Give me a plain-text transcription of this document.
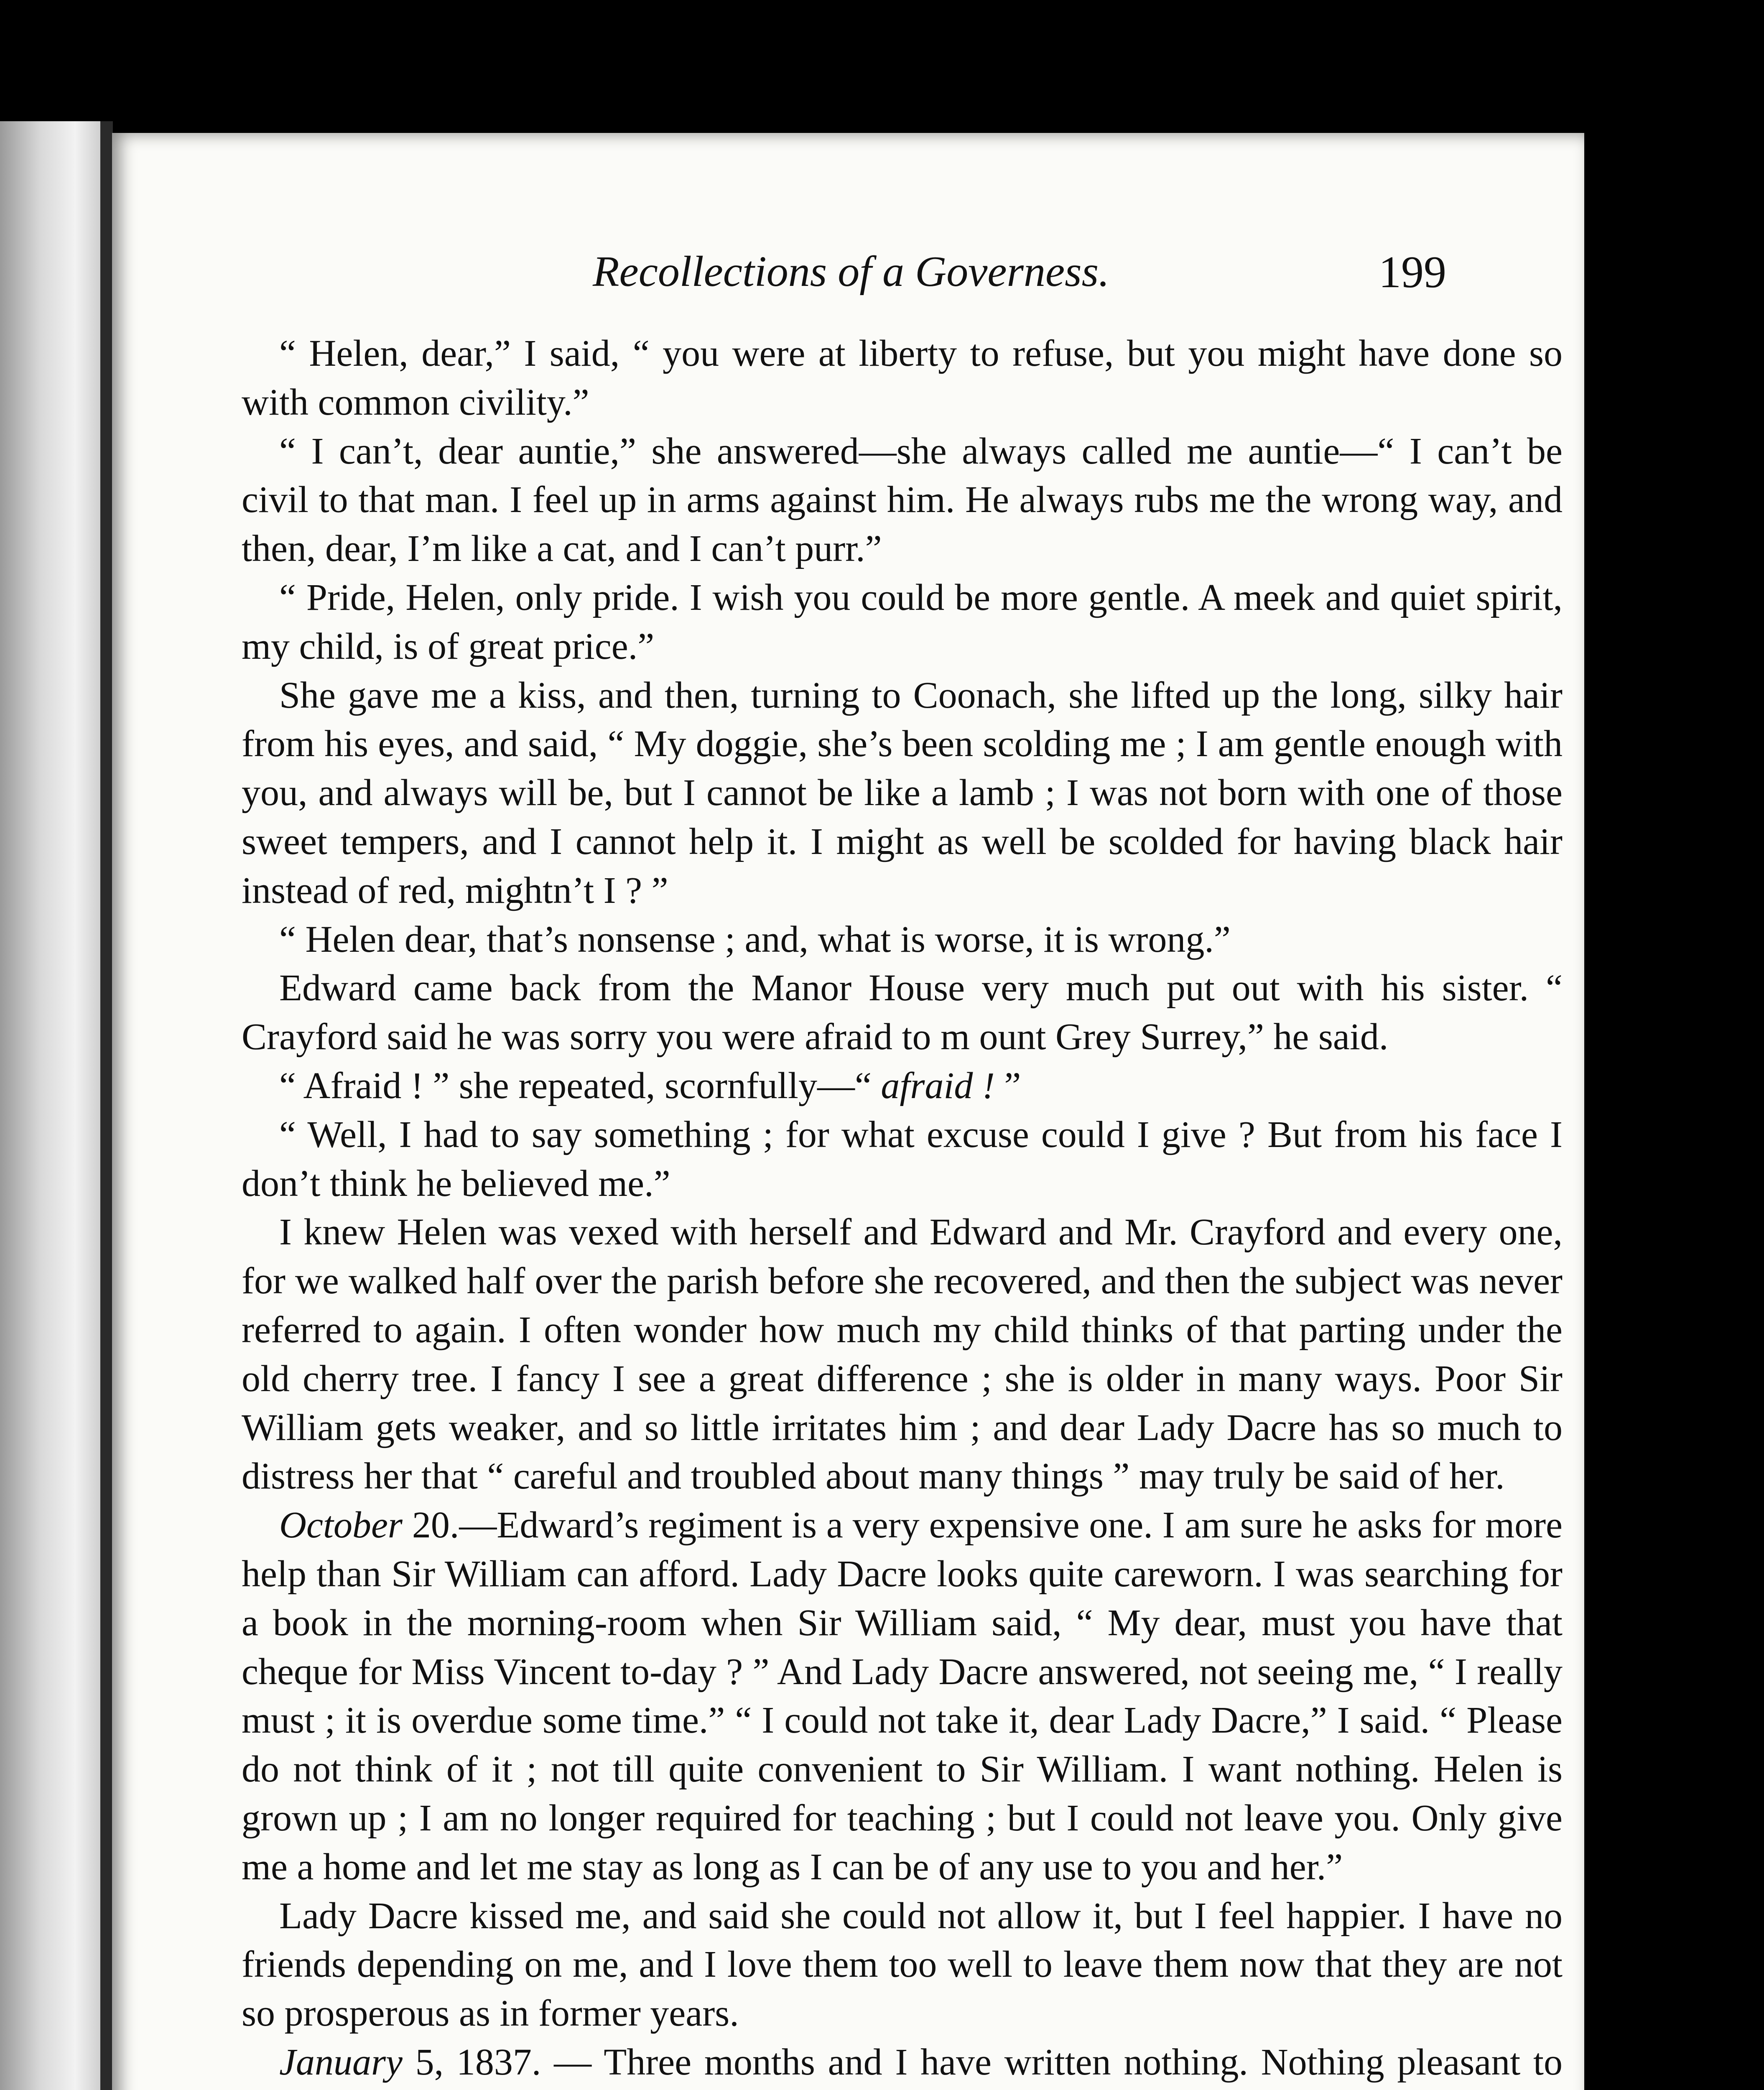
Recollections of a Governess.	199

“ Helen, dear,” I said, “ you were at liberty to refuse, but you might have done so with common civility.”

“ I can’t, dear auntie,” she answered—she always called me auntie—“ I can’t be civil to that man. I feel up in arms against him. He always rubs me the wrong way, and then, dear, I’m like a cat, and I can’t purr.”

“ Pride, Helen, only pride. I wish you could be more gentle. A meek and quiet spirit, my child, is of great price.”

She gave me a kiss, and then, turning to Coonach, she lifted up the long, silky hair from his eyes, and said, “ My doggie, she’s been scolding me ; I am gentle enough with you, and always will be, but I cannot be like a lamb ; I was not born with one of those sweet tempers, and I cannot help it. I might as well be scolded for having black hair instead of red, mightn’t I ? ”

“ Helen dear, that’s nonsense ; and, what is worse, it is wrong.”

Edward came back from the Manor House very much put out with his sister. “ Crayford said he was sorry you were afraid to m ount Grey Surrey,” he said.

“ Afraid ! ” she repeated, scornfully—“ afraid ! ”

“ Well, I had to say something ; for what excuse could I give ? But from his face I don’t think he believed me.”

I knew Helen was vexed with herself and Edward and Mr. Crayford and every one, for we walked half over the parish before she recovered, and then the subject was never referred to again. I often wonder how much my child thinks of that parting under the old cherry tree. I fancy I see a great difference ; she is older in many ways. Poor Sir William gets weaker, and so little irritates him ; and dear Lady Dacre has so much to distress her that “ careful and troubled about many things ” may truly be said of her.

October 20.—Edward’s regiment is a very expensive one. I am sure he asks for more help than Sir William can afford. Lady Dacre looks quite careworn. I was searching for a book in the morning-room when Sir William said, “ My dear, must you have that cheque for Miss Vincent to-day ? ” And Lady Dacre answered, not seeing me, “ I really must ; it is overdue some time.” “ I could not take it, dear Lady Dacre,” I said. “ Please do not think of it ; not till quite convenient to Sir William. I want nothing. Helen is grown up ; I am no longer required for teaching ; but I could not leave you. Only give me a home and let me stay as long as I can be of any use to you and her.”

Lady Dacre kissed me, and said she could not allow it, but I feel happier. I have no friends depending on me, and I love them too well to leave them now that they are not so prosperous as in former years.

January 5, 1837. — Three months and I have written nothing. Nothing pleasant to
